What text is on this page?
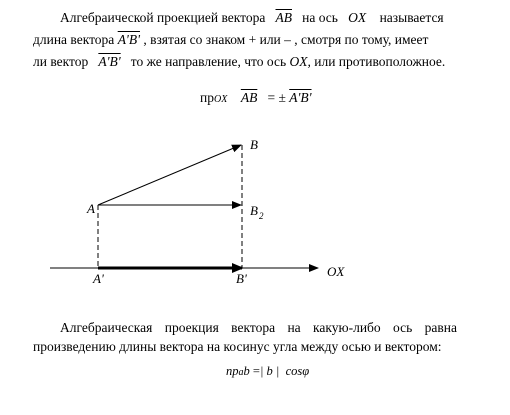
Алгебраической проекцией вектора $\overline{AB}$ на ось OX называется
длина вектора A'B' , взятая со знаком + или – , смотря по тому, имеет
ли вектор A'B' то же направление, что ось OX, или противоположное.
прOX $\overline{AB}$ = ± A'B'
B
A	B 2
A'	B'	OX
Алгебраическая проекция вектора на какую-либо ось равна
произведению длины вектора на косинус угла между осью и вектором:
прab =| b | cosφ
